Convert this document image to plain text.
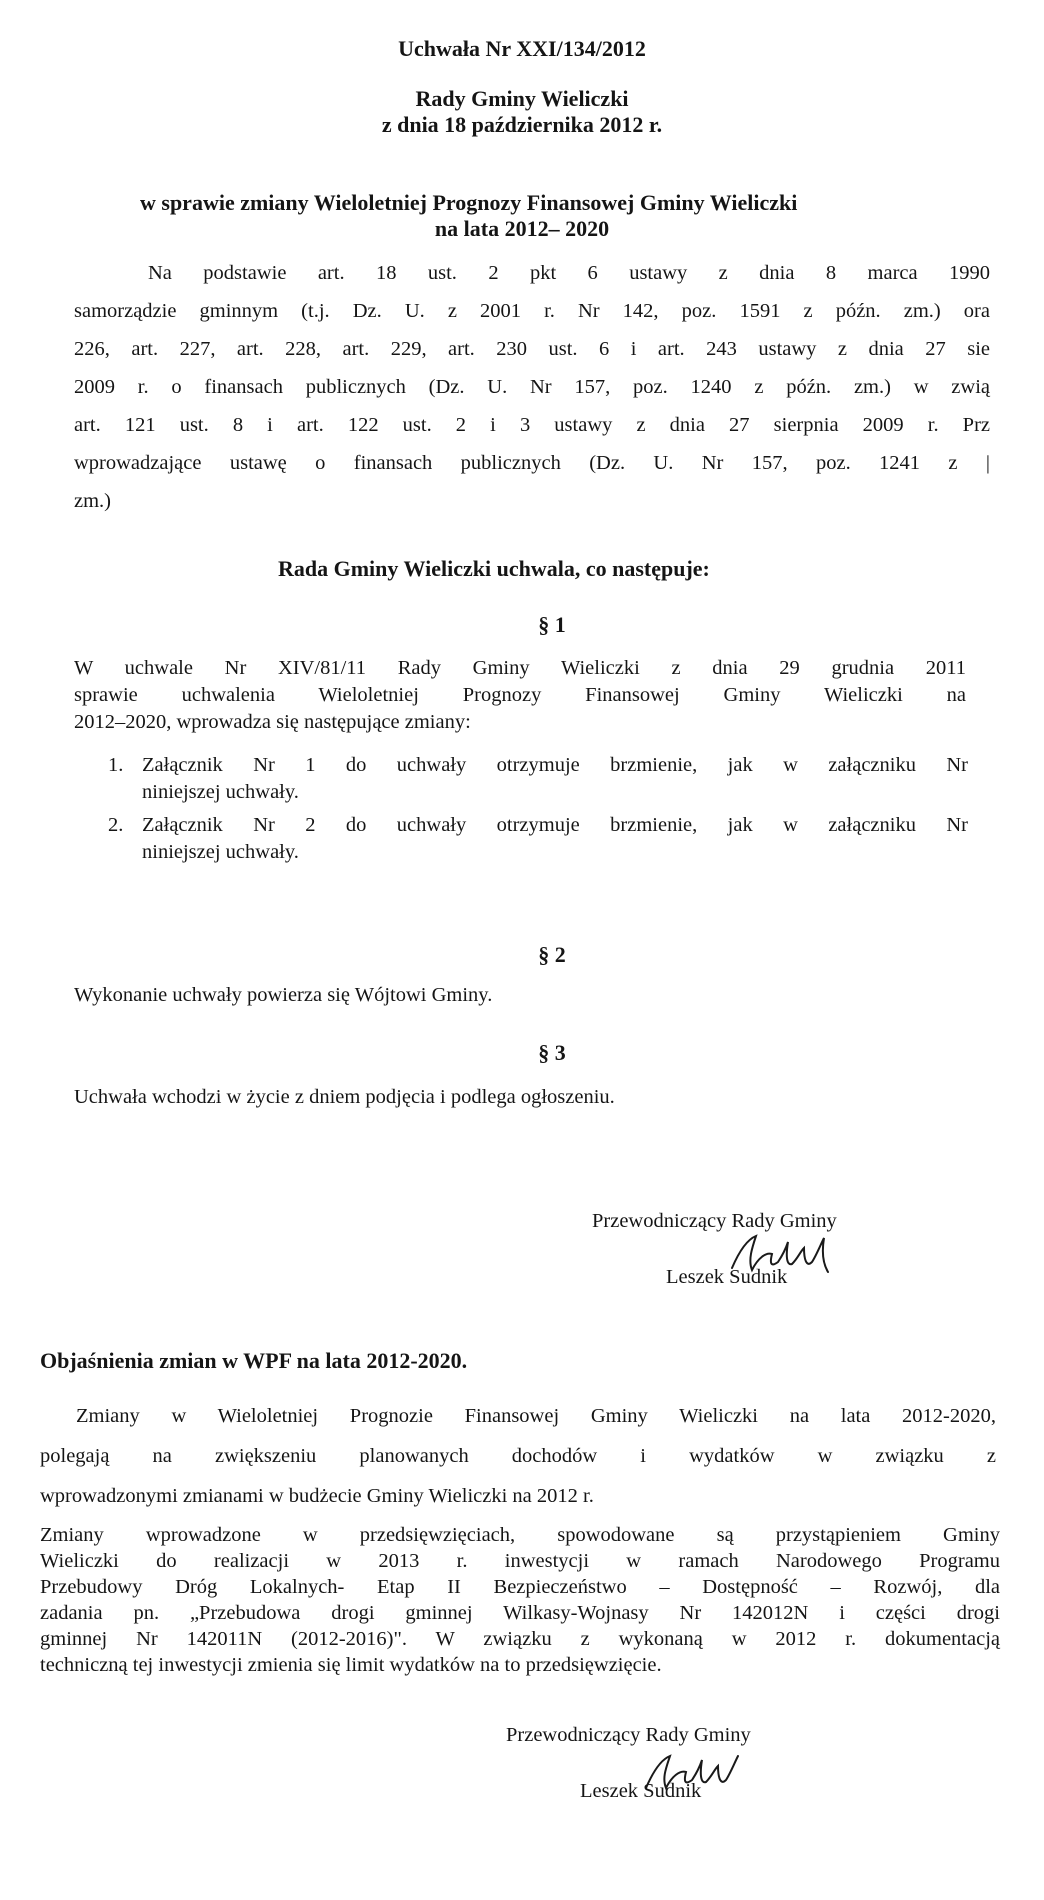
Uchwała Nr XXI/134/2012
Rady Gminy Wieliczki
z dnia 18 października 2012 r.
w sprawie zmiany Wieloletniej Prognozy Finansowej Gminy Wieliczki
na lata 2012– 2020
Na podstawie art. 18 ust. 2 pkt 6 ustawy z dnia 8 marca 1990
samorządzie gminnym (t.j. Dz. U. z 2001 r. Nr 142, poz. 1591 z późn. zm.) ora
226, art. 227, art. 228, art. 229, art. 230 ust. 6 i art. 243 ustawy z dnia 27 sie
2009 r. o finansach publicznych (Dz. U. Nr 157, poz. 1240 z późn. zm.) w zwią
art. 121 ust. 8 i art. 122 ust. 2 i 3 ustawy z dnia 27 sierpnia 2009 r. Prz
wprowadzające ustawę o finansach publicznych (Dz. U. Nr 157, poz. 1241 z |
zm.)
Rada Gminy Wieliczki uchwala, co następuje:
§ 1
W uchwale Nr XIV/81/11 Rady Gminy Wieliczki z dnia 29 grudnia 2011
sprawie uchwalenia Wieloletniej Prognozy Finansowej Gminy Wieliczki na
2012–2020, wprowadza się następujące zmiany:
1. Załącznik Nr 1 do uchwały otrzymuje brzmienie, jak w załączniku Nr
niniejszej uchwały.
2. Załącznik Nr 2 do uchwały otrzymuje brzmienie, jak w załączniku Nr
niniejszej uchwały.
§ 2
Wykonanie uchwały powierza się Wójtowi Gminy.
§ 3
Uchwała wchodzi w życie z dniem podjęcia i podlega ogłoszeniu.
Przewodniczący Rady Gminy
Leszek Sudnik
Objaśnienia zmian w WPF na lata 2012-2020.
Zmiany w Wieloletniej Prognozie Finansowej Gminy Wieliczki na lata 2012-2020,
polegają na zwiększeniu planowanych dochodów i wydatków w związku z
wprowadzonymi zmianami w budżecie Gminy Wieliczki na 2012 r.
Zmiany wprowadzone w przedsięwzięciach, spowodowane są przystąpieniem Gminy
Wieliczki do realizacji w 2013 r. inwestycji w ramach Narodowego Programu
Przebudowy Dróg Lokalnych- Etap II Bezpieczeństwo – Dostępność – Rozwój, dla
zadania pn. „Przebudowa drogi gminnej Wilkasy-Wojnasy Nr 142012N i części drogi
gminnej Nr 142011N (2012-2016)". W związku z wykonaną w 2012 r. dokumentacją
techniczną tej inwestycji zmienia się limit wydatków na to przedsięwzięcie.
Przewodniczący Rady Gminy
Leszek Sudnik
